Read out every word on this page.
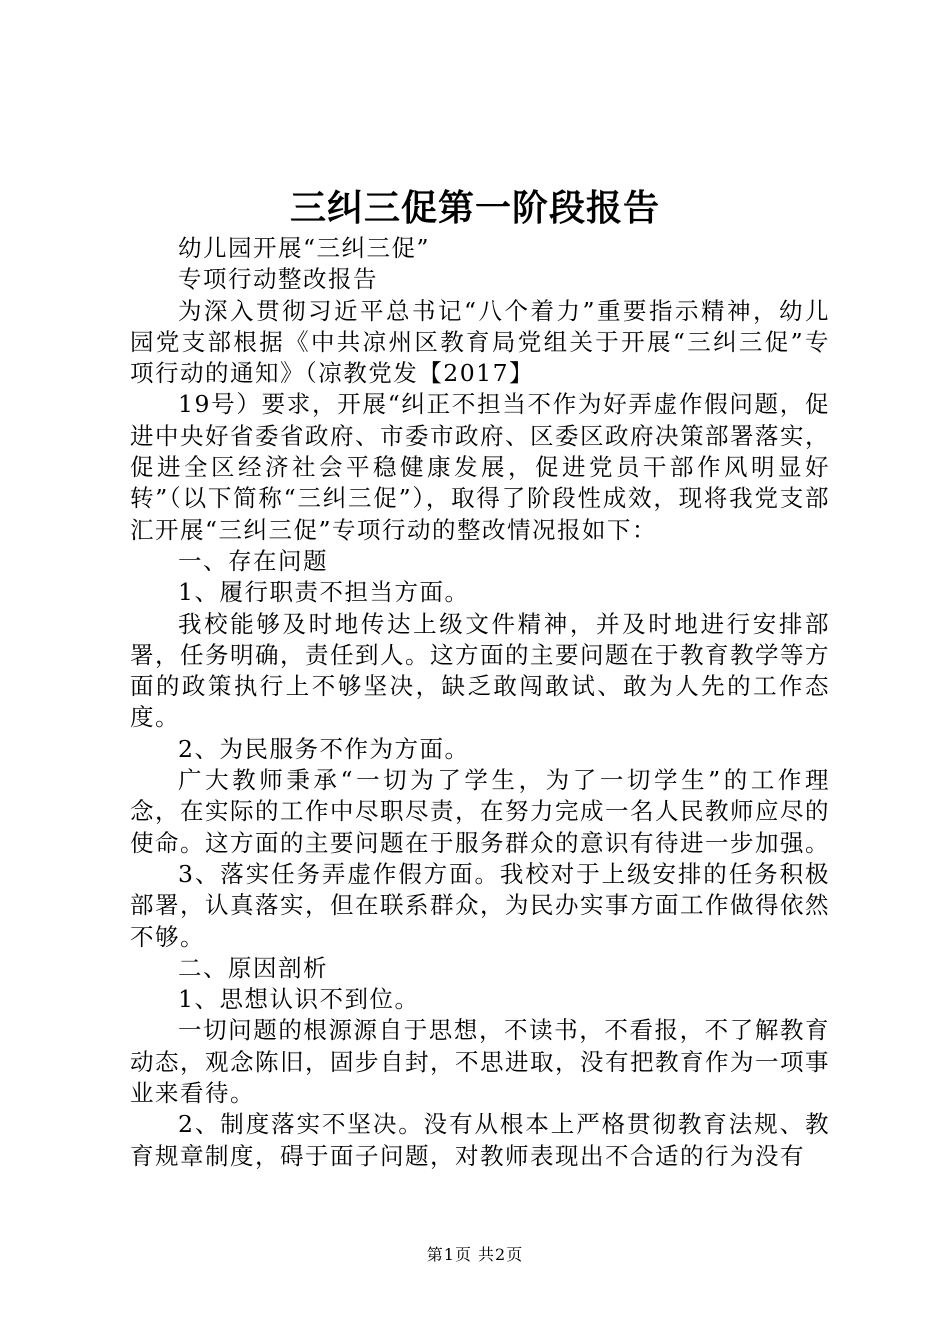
三纠三促第一阶段报告

幼儿园开展“三纠三促”

专项行动整改报告

为深入贯彻习近平总书记“八个着力”重要指示精神，幼儿园党支部根据《中共凉州区教育局党组关于开展“三纠三促”专项行动的通知》（凉教党发【2017】

19号）要求，开展“纠正不担当不作为好弄虚作假问题，促进中央好省委省政府、市委市政府、区委区政府决策部署落实，促进全区经济社会平稳健康发展，促进党员干部作风明显好转”（以下简称“三纠三促”），取得了阶段性成效，现将我党支部汇开展“三纠三促”专项行动的整改情况报如下：

一、存在问题

1、履行职责不担当方面。

我校能够及时地传达上级文件精神，并及时地进行安排部署，任务明确，责任到人。这方面的主要问题在于教育教学等方面的政策执行上不够坚决，缺乏敢闯敢试、敢为人先的工作态度。

2、为民服务不作为方面。

广大教师秉承“一切为了学生，为了一切学生”的工作理念，在实际的工作中尽职尽责，在努力完成一名人民教师应尽的使命。这方面的主要问题在于服务群众的意识有待进一步加强。

3、落实任务弄虚作假方面。我校对于上级安排的任务积极部署，认真落实，但在联系群众，为民办实事方面工作做得依然不够。

二、原因剖析

1、思想认识不到位。

一切问题的根源源自于思想，不读书，不看报，不了解教育动态，观念陈旧，固步自封，不思进取，没有把教育作为一项事业来看待。

2、制度落实不坚决。没有从根本上严格贯彻教育法规、教育规章制度，碍于面子问题，对教师表现出不合适的行为没有

第1页 共2页
